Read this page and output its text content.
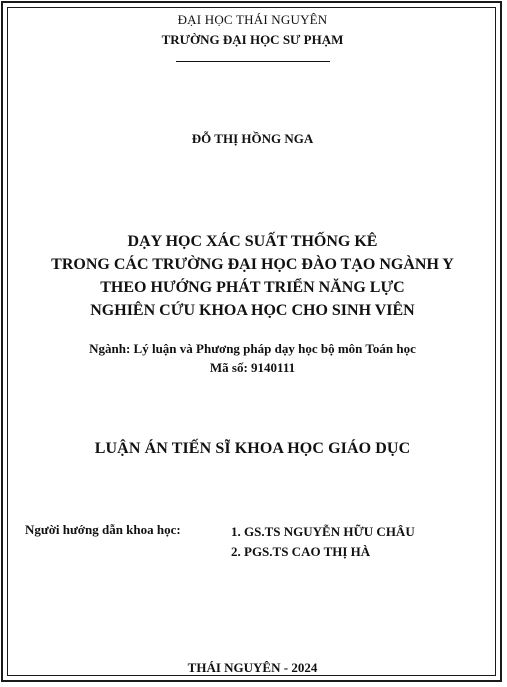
ĐẠI HỌC THÁI NGUYÊN
TRƯỜNG ĐẠI HỌC SƯ PHẠM
ĐỖ THỊ HỒNG NGA
DẠY HỌC XÁC SUẤT THỐNG KÊ
TRONG CÁC TRƯỜNG ĐẠI HỌC ĐÀO TẠO NGÀNH Y
THEO HƯỚNG PHÁT TRIỂN NĂNG LỰC
NGHIÊN CỨU KHOA HỌC CHO SINH VIÊN
Ngành: Lý luận và Phương pháp dạy học bộ môn Toán học
Mã số: 9140111
LUẬN ÁN TIẾN SĨ KHOA HỌC GIÁO DỤC
Người hướng dẫn khoa học:	1. GS.TS NGUYỄN HỮU CHÂU
2. PGS.TS CAO THỊ HÀ
THÁI NGUYÊN - 2024
